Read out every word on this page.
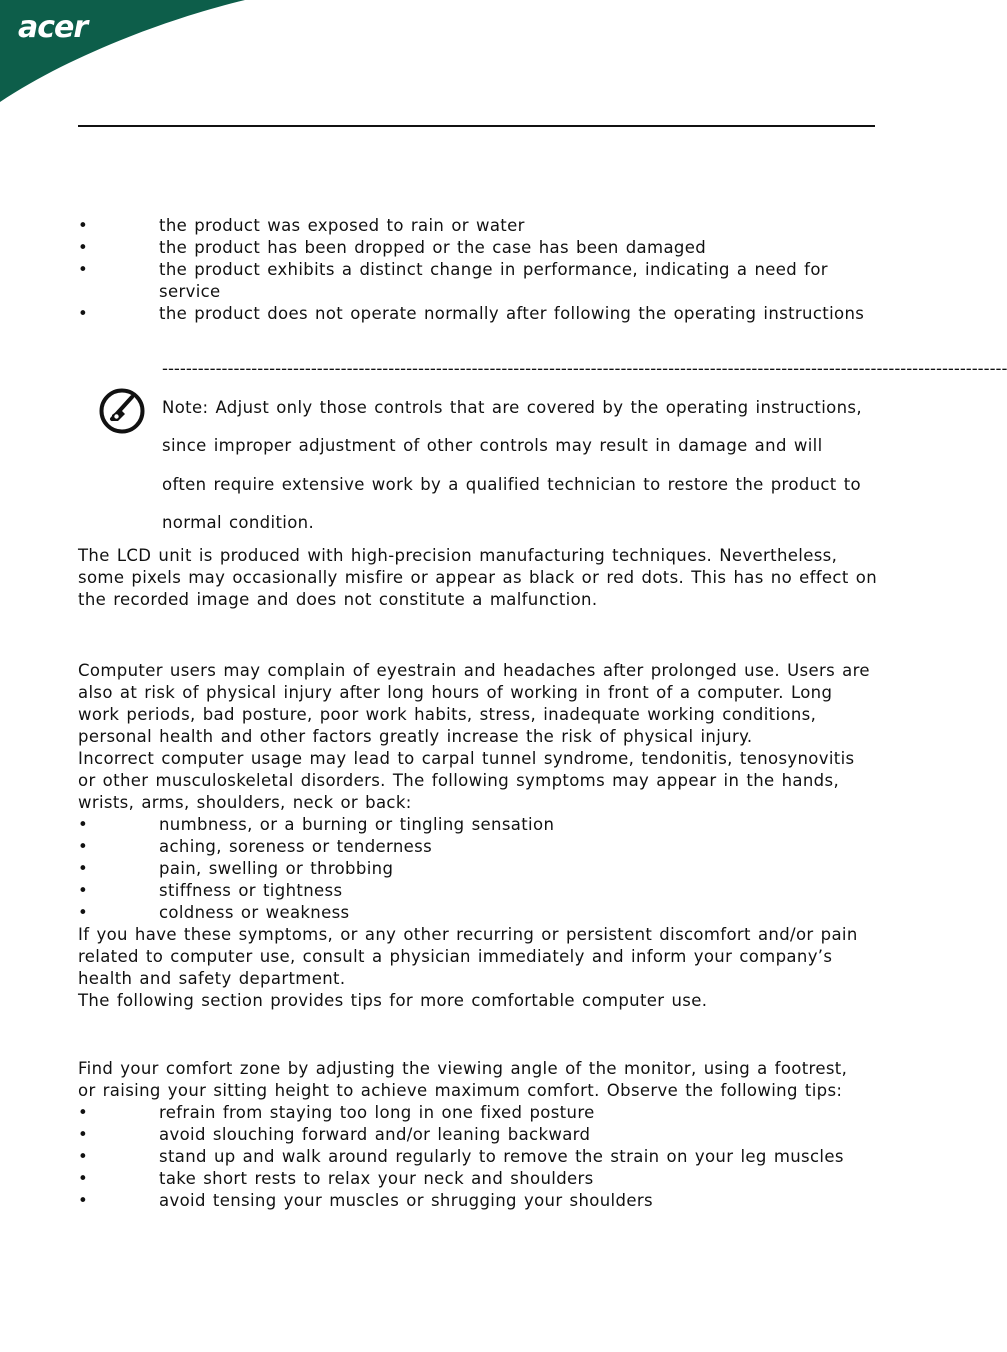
acer
•	the product was exposed to rain or water
•	the product has been dropped or the case has been damaged
•	the product exhibits a distinct change in performance, indicating a need for service
•	the product does not operate normally after following the operating instructions
----------------------------------------------------------------------------------------------------------------------------------------------

Note: Adjust only those controls that are covered by the operating instructions,

since improper adjustment of other controls may result in damage and will

often require extensive work by a qualified technician to restore the product to

normal condition.

The LCD unit is produced with high-precision manufacturing techniques. Nevertheless,

some pixels may occasionally misfire or appear as black or red dots. This has no effect on

the recorded image and does not constitute a malfunction.

Computer users may complain of eyestrain and headaches after prolonged use. Users are

also at risk of physical injury after long hours of working in front of a computer. Long

work periods, bad posture, poor work habits, stress, inadequate working conditions,

personal health and other factors greatly increase the risk of physical injury.

Incorrect computer usage may lead to carpal tunnel syndrome, tendonitis, tenosynovitis

or other musculoskeletal disorders. The following symptoms may appear in the hands,

wrists, arms, shoulders, neck or back:

•	numbness, or a burning or tingling sensation
•	aching, soreness or tenderness
•	pain, swelling or throbbing
•	stiffness or tightness
•	coldness or weakness

If you have these symptoms, or any other recurring or persistent discomfort and/or pain

related to computer use, consult a physician immediately and inform your company’s

health and safety department.

The following section provides tips for more comfortable computer use.

Find your comfort zone by adjusting the viewing angle of the monitor, using a footrest,

or raising your sitting height to achieve maximum comfort. Observe the following tips:

•	refrain from staying too long in one fixed posture
•	avoid slouching forward and/or leaning backward
•	stand up and walk around regularly to remove the strain on your leg muscles
•	take short rests to relax your neck and shoulders
•	avoid tensing your muscles or shrugging your shoulders
